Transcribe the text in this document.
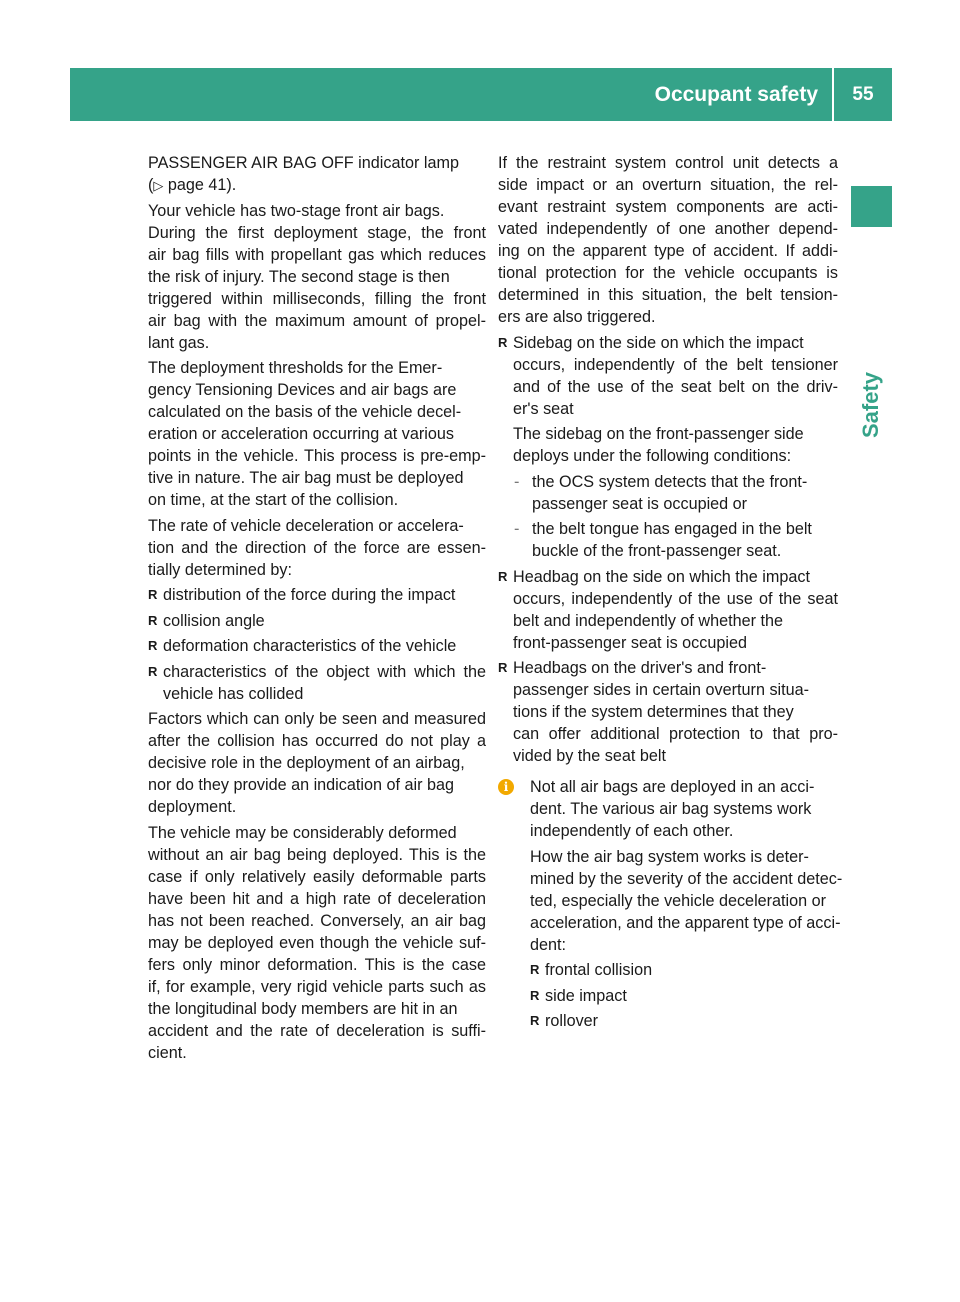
Occupant safety	55
Safety
PASSENGER AIR BAG OFF indicator lamp
(▷ page 41).
Your vehicle has two-stage front air bags.
During the first deployment stage, the front
air bag fills with propellant gas which reduces
the risk of injury. The second stage is then
triggered within milliseconds, filling the front
air bag with the maximum amount of propel-
lant gas.
The deployment thresholds for the Emer-
gency Tensioning Devices and air bags are
calculated on the basis of the vehicle decel-
eration or acceleration occurring at various
points in the vehicle. This process is pre-emp-
tive in nature. The air bag must be deployed
on time, at the start of the collision.
The rate of vehicle deceleration or accelera-
tion and the direction of the force are essen-
tially determined by:
R distribution of the force during the impact
R collision angle
R deformation characteristics of the vehicle
R characteristics of the object with which the
vehicle has collided
Factors which can only be seen and measured
after the collision has occurred do not play a
decisive role in the deployment of an airbag,
nor do they provide an indication of air bag
deployment.
The vehicle may be considerably deformed
without an air bag being deployed. This is the
case if only relatively easily deformable parts
have been hit and a high rate of deceleration
has not been reached. Conversely, an air bag
may be deployed even though the vehicle suf-
fers only minor deformation. This is the case
if, for example, very rigid vehicle parts such as
the longitudinal body members are hit in an
accident and the rate of deceleration is suffi-
cient.
If the restraint system control unit detects a
side impact or an overturn situation, the rel-
evant restraint system components are acti-
vated independently of one another depend-
ing on the apparent type of accident. If addi-
tional protection for the vehicle occupants is
determined in this situation, the belt tension-
ers are also triggered.
R Sidebag on the side on which the impact
occurs, independently of the belt tensioner
and of the use of the seat belt on the driv-
er's seat
The sidebag on the front-passenger side
deploys under the following conditions:
- the OCS system detects that the front-
passenger seat is occupied or
- the belt tongue has engaged in the belt
buckle of the front-passenger seat.
R Headbag on the side on which the impact
occurs, independently of the use of the seat
belt and independently of whether the
front-passenger seat is occupied
R Headbags on the driver's and front-
passenger sides in certain overturn situa-
tions if the system determines that they
can offer additional protection to that pro-
vided by the seat belt
i	Not all air bags are deployed in an acci-
dent. The various air bag systems work
independently of each other.
How the air bag system works is deter-
mined by the severity of the accident detec-
ted, especially the vehicle deceleration or
acceleration, and the apparent type of acci-
dent:
R frontal collision
R side impact
R rollover
